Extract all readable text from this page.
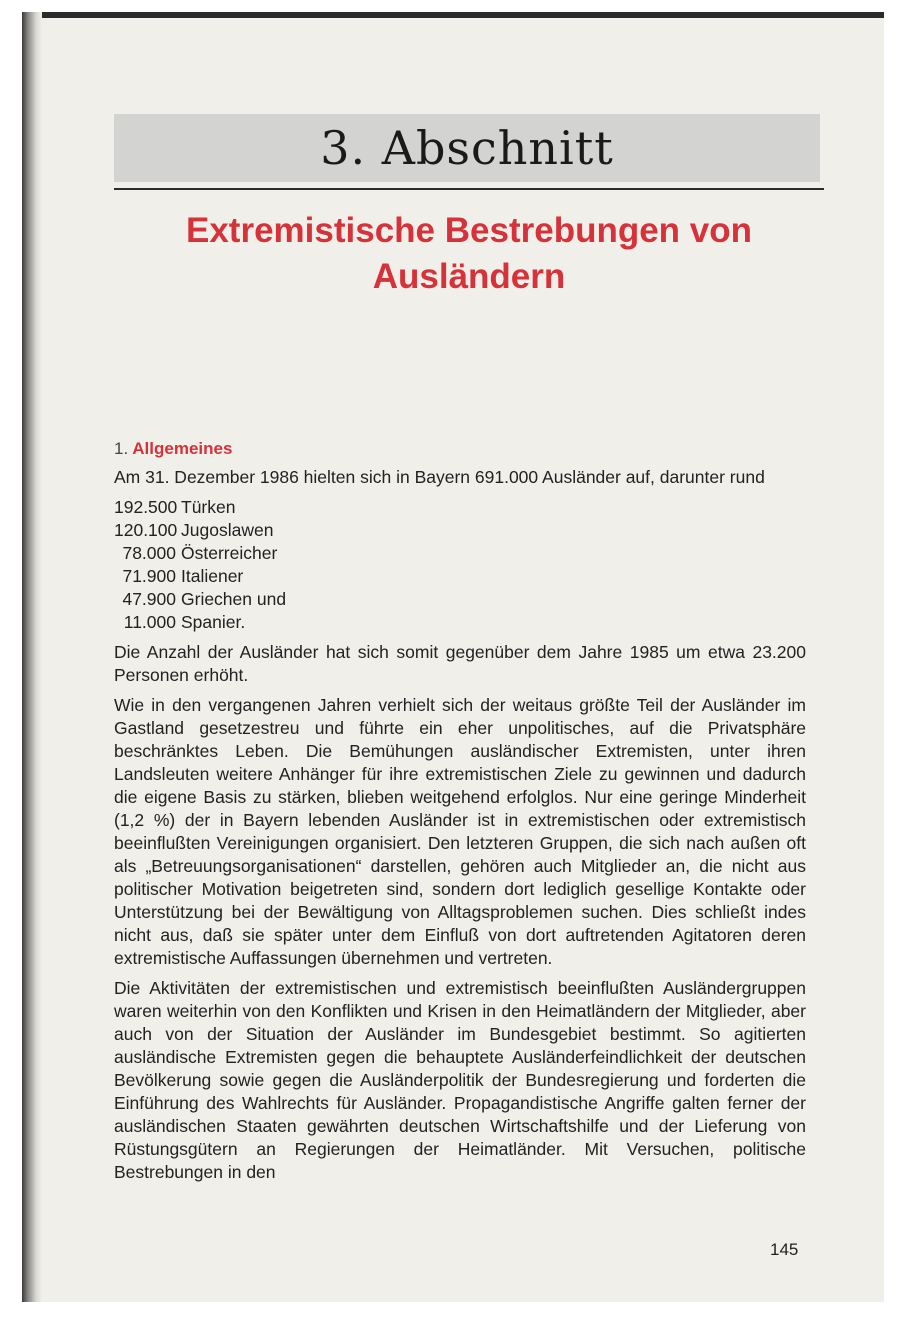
3. Abschnitt
Extremistische Bestrebungen von
Ausländern
1. Allgemeines

Am 31. Dezember 1986 hielten sich in Bayern 691.000 Ausländer auf, darunter rund

192.500 Türken
120.100 Jugoslawen
78.000 Österreicher
71.900 Italiener
47.900 Griechen und
11.000 Spanier.

Die Anzahl der Ausländer hat sich somit gegenüber dem Jahre 1985 um etwa 23.200 Personen erhöht.

Wie in den vergangenen Jahren verhielt sich der weitaus größte Teil der Ausländer im Gastland gesetzestreu und führte ein eher unpolitisches, auf die Privatsphäre beschränktes Leben. Die Bemühungen ausländischer Extremisten, unter ihren Landsleuten weitere Anhänger für ihre extremistischen Ziele zu gewinnen und dadurch die eigene Basis zu stärken, blieben weitgehend erfolglos. Nur eine geringe Minderheit (1,2 %) der in Bayern lebenden Ausländer ist in extremistischen oder extremistisch beeinflußten Vereinigungen organisiert. Den letzteren Gruppen, die sich nach außen oft als „Betreuungsorganisationen“ darstellen, gehören auch Mitglieder an, die nicht aus politischer Motivation beigetreten sind, sondern dort lediglich gesellige Kontakte oder Unterstützung bei der Bewältigung von Alltagsproblemen suchen. Dies schließt indes nicht aus, daß sie später unter dem Einfluß von dort auftretenden Agitatoren deren extremistische Auffassungen übernehmen und vertreten.

Die Aktivitäten der extremistischen und extremistisch beeinflußten Ausländergruppen waren weiterhin von den Konflikten und Krisen in den Heimatländern der Mitglieder, aber auch von der Situation der Ausländer im Bundesgebiet bestimmt. So agitierten ausländische Extremisten gegen die behauptete Ausländerfeindlichkeit der deutschen Bevölkerung sowie gegen die Ausländerpolitik der Bundesregierung und forderten die Einführung des Wahlrechts für Ausländer. Propagandistische Angriffe galten ferner der ausländischen Staaten gewährten deutschen Wirtschaftshilfe und der Lieferung von Rüstungsgütern an Regierungen der Heimatländer. Mit Versuchen, politische Bestrebungen in den

145
